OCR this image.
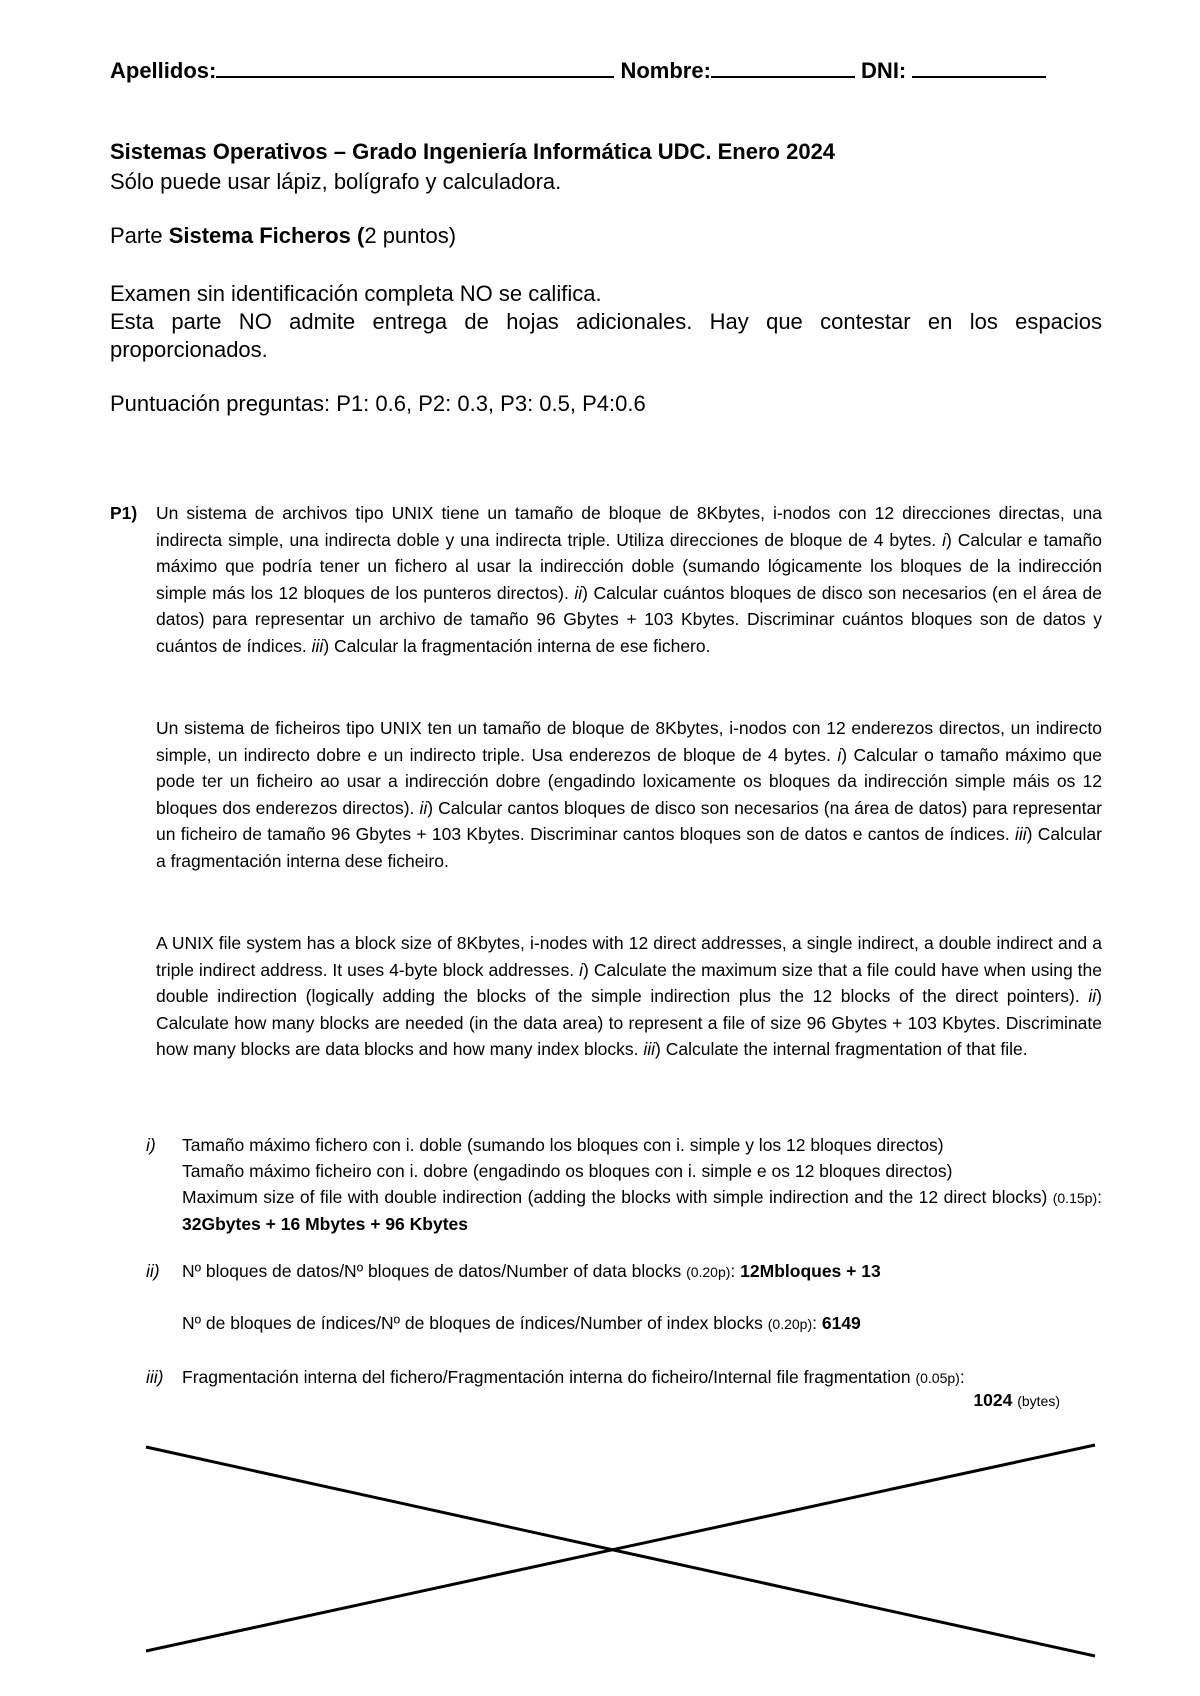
Apellidos:	Nombre:	DNI:
Sistemas Operativos – Grado Ingeniería Informática UDC. Enero 2024
Sólo puede usar lápiz, bolígrafo y calculadora.
Parte Sistema Ficheros (2 puntos)

Examen sin identificación completa NO se califica.

Esta parte NO admite entrega de hojas adicionales. Hay que contestar en los espacios proporcionados.

Puntuación preguntas: P1: 0.6, P2: 0.3, P3: 0.5, P4:0.6
P1) Un sistema de archivos tipo UNIX tiene un tamaño de bloque de 8Kbytes, i-nodos con 12 direcciones directas, una indirecta simple, una indirecta doble y una indirecta triple. Utiliza direcciones de bloque de 4 bytes. i) Calcular e tamaño máximo que podría tener un fichero al usar la indirección doble (sumando lógicamente los bloques de la indirección simple más los 12 bloques de los punteros directos). ii) Calcular cuántos bloques de disco son necesarios (en el área de datos) para representar un archivo de tamaño 96 Gbytes + 103 Kbytes. Discriminar cuántos bloques son de datos y cuántos de índices. iii) Calcular la fragmentación interna de ese fichero.

Un sistema de ficheiros tipo UNIX ten un tamaño de bloque de 8Kbytes, i-nodos con 12 enderezos directos, un indirecto simple, un indirecto dobre e un indirecto triple. Usa enderezos de bloque de 4 bytes. i) Calcular o tamaño máximo que pode ter un ficheiro ao usar a indirección dobre (engadindo loxicamente os bloques da indirección simple máis os 12 bloques dos enderezos directos). ii) Calcular cantos bloques de disco son necesarios (na área de datos) para representar un ficheiro de tamaño 96 Gbytes + 103 Kbytes. Discriminar cantos bloques son de datos e cantos de índices. iii) Calcular a fragmentación interna dese ficheiro.

A UNIX file system has a block size of 8Kbytes, i-nodes with 12 direct addresses, a single indirect, a double indirect and a triple indirect address. It uses 4-byte block addresses. i) Calculate the maximum size that a file could have when using the double indirection (logically adding the blocks of the simple indirection plus the 12 blocks of the direct pointers). ii) Calculate how many blocks are needed (in the data area) to represent a file of size 96 Gbytes + 103 Kbytes. Discriminate how many blocks are data blocks and how many index blocks. iii) Calculate the internal fragmentation of that file.

i) Tamaño máximo fichero con i. doble (sumando los bloques con i. simple y los 12 bloques directos)

Tamaño máximo ficheiro con i. dobre (engadindo os bloques con i. simple e os 12 bloques directos)

Maximum size of file with double indirection (adding the blocks with simple indirection and the 12 direct blocks) (0.15p): 32Gbytes + 16 Mbytes + 96 Kbytes

ii) Nº bloques de datos/Nº bloques de datos/Number of data blocks (0.20p): 12Mbloques + 13

Nº de bloques de índices/Nº de bloques de índices/Number of index blocks (0.20p): 6149

iii) Fragmentación interna del fichero/Fragmentación interna do ficheiro/Internal file fragmentation (0.05p):

1024 (bytes)
